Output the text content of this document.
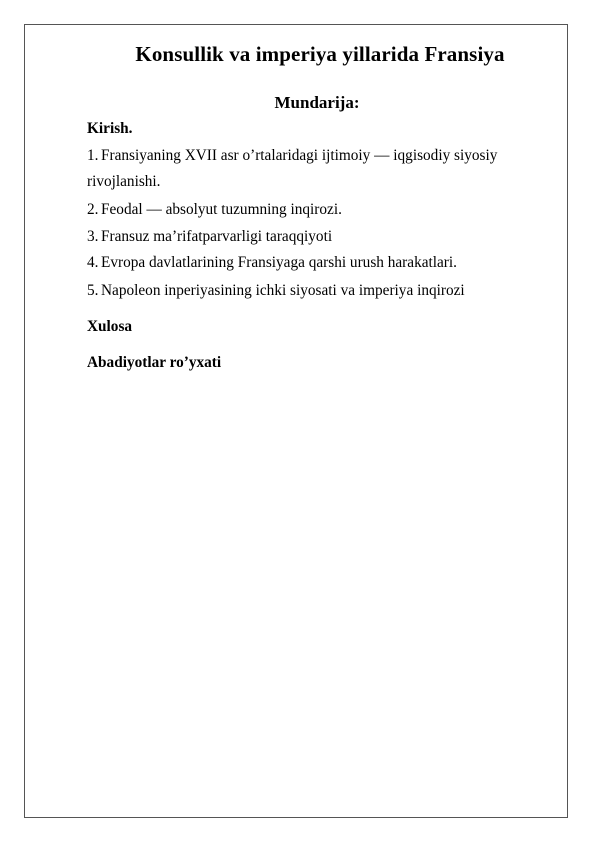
Konsullik va imperiya yillarida Fransiya
Mundarija:
Kirish.
1. Fransiyaning XVII asr o’rtalaridagi ijtimoiy — iqgisodiy siyosiy
rivojlanishi.
2. Feodal — absolyut tuzumning inqirozi.
3. Fransuz ma’rifatparvarligi taraqqiyoti
4. Evropa davlatlarining Fransiyaga qarshi urush harakatlari.
5. Napoleon inperiyasining ichki siyosati va imperiya inqirozi
Xulosa
Abadiyotlar ro’yxati
